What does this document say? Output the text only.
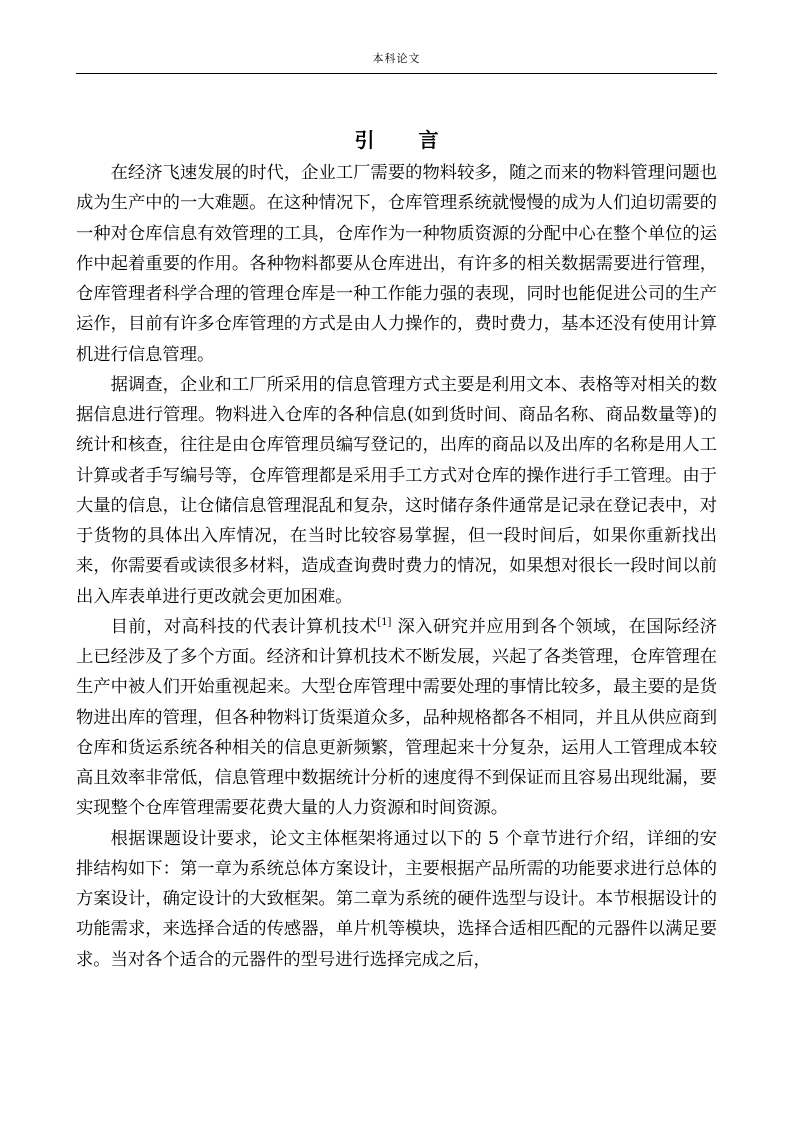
本科论文
引 言

在经济飞速发展的时代，企业工厂需要的物料较多，随之而来的物料管理问题也成为生产中的一大难题。在这种情况下，仓库管理系统就慢慢的成为人们迫切需要的一种对仓库信息有效管理的工具，仓库作为一种物质资源的分配中心在整个单位的运作中起着重要的作用。各种物料都要从仓库进出，有许多的相关数据需要进行管理，仓库管理者科学合理的管理仓库是一种工作能力强的表现，同时也能促进公司的生产运作，目前有许多仓库管理的方式是由人力操作的，费时费力，基本还没有使用计算机进行信息管理。

据调查，企业和工厂所采用的信息管理方式主要是利用文本、表格等对相关的数据信息进行管理。物料进入仓库的各种信息(如到货时间、商品名称、商品数量等)的统计和核查，往往是由仓库管理员编写登记的，出库的商品以及出库的名称是用人工计算或者手写编号等，仓库管理都是采用手工方式对仓库的操作进行手工管理。由于大量的信息，让仓储信息管理混乱和复杂，这时储存条件通常是记录在登记表中，对于货物的具体出入库情况，在当时比较容易掌握，但一段时间后，如果你重新找出来，你需要看或读很多材料，造成查询费时费力的情况，如果想对很长一段时间以前出入库表单进行更改就会更加困难。

目前，对高科技的代表计算机技术[1] 深入研究并应用到各个领域，在国际经济上已经涉及了多个方面。经济和计算机技术不断发展，兴起了各类管理，仓库管理在生产中被人们开始重视起来。大型仓库管理中需要处理的事情比较多，最主要的是货物进出库的管理，但各种物料订货渠道众多，品种规格都各不相同，并且从供应商到仓库和货运系统各种相关的信息更新频繁，管理起来十分复杂，运用人工管理成本较高且效率非常低，信息管理中数据统计分析的速度得不到保证而且容易出现纰漏，要实现整个仓库管理需要花费大量的人力资源和时间资源。

根据课题设计要求，论文主体框架将通过以下的 5 个章节进行介绍，详细的安排结构如下：第一章为系统总体方案设计，主要根据产品所需的功能要求进行总体的方案设计，确定设计的大致框架。第二章为系统的硬件选型与设计。本节根据设计的功能需求，来选择合适的传感器，单片机等模块，选择合适相匹配的元器件以满足要求。当对各个适合的元器件的型号进行选择完成之后，
